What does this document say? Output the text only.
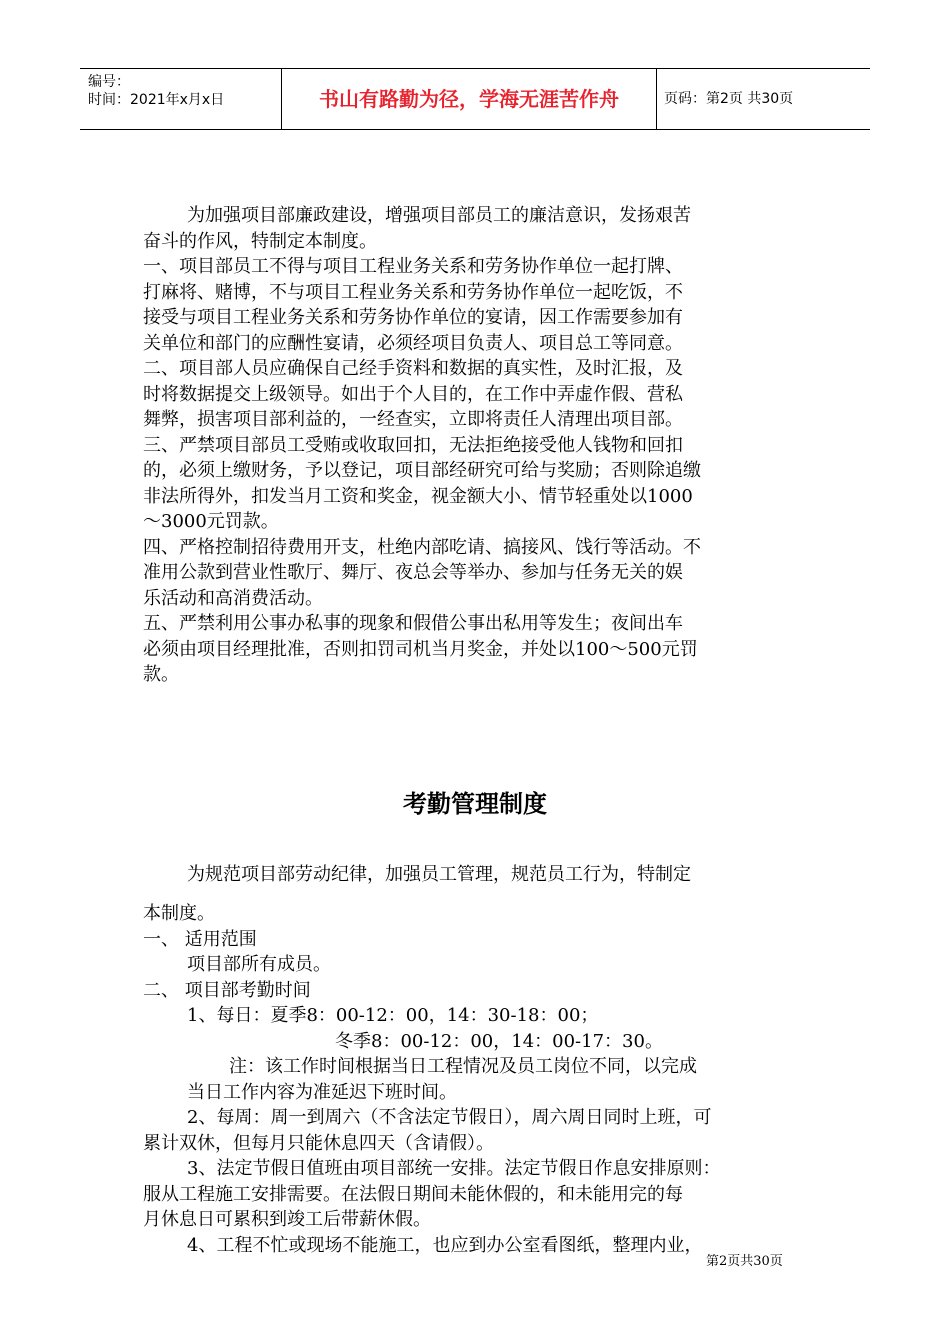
编号：
时间：2021年x月x日	书山有路勤为径，学海无涯苦作舟	页码：第2页 共30页

为加强项目部廉政建设，增强项目部员工的廉洁意识，发扬艰苦

奋斗的作风，特制定本制度。

一、项目部员工不得与项目工程业务关系和劳务协作单位一起打牌、

打麻将、赌博，不与项目工程业务关系和劳务协作单位一起吃饭，不

接受与项目工程业务关系和劳务协作单位的宴请，因工作需要参加有

关单位和部门的应酬性宴请，必须经项目负责人、项目总工等同意。

二、项目部人员应确保自己经手资料和数据的真实性，及时汇报，及

时将数据提交上级领导。如出于个人目的，在工作中弄虚作假、营私

舞弊，损害项目部利益的，一经查实，立即将责任人清理出项目部。

三、严禁项目部员工受贿或收取回扣，无法拒绝接受他人钱物和回扣

的，必须上缴财务，予以登记，项目部经研究可给与奖励；否则除追缴

非法所得外，扣发当月工资和奖金，视金额大小、情节轻重处以1000

～3000元罚款。

四、严格控制招待费用开支，杜绝内部吃请、搞接风、饯行等活动。不

准用公款到营业性歌厅、舞厅、夜总会等举办、参加与任务无关的娱

乐活动和高消费活动。

五、严禁利用公事办私事的现象和假借公事出私用等发生；夜间出车

必须由项目经理批准，否则扣罚司机当月奖金，并处以100～500元罚

款。

考勤管理制度

为规范项目部劳动纪律，加强员工管理，规范员工行为，特制定

本制度。

一、 适用范围

项目部所有成员。

二、 项目部考勤时间

1、每日：夏季8：00-12：00，14：30-18：00；

冬季8：00-12：00，14：00-17：30。

注：该工作时间根据当日工程情况及员工岗位不同，以完成

当日工作内容为准延迟下班时间。

2、每周：周一到周六（不含法定节假日），周六周日同时上班，可

累计双休，但每月只能休息四天（含请假）。

3、法定节假日值班由项目部统一安排。法定节假日作息安排原则：

服从工程施工安排需要。在法假日期间未能休假的，和未能用完的每

月休息日可累积到竣工后带薪休假。

4、工程不忙或现场不能施工，也应到办公室看图纸，整理内业，

第2页共30页
